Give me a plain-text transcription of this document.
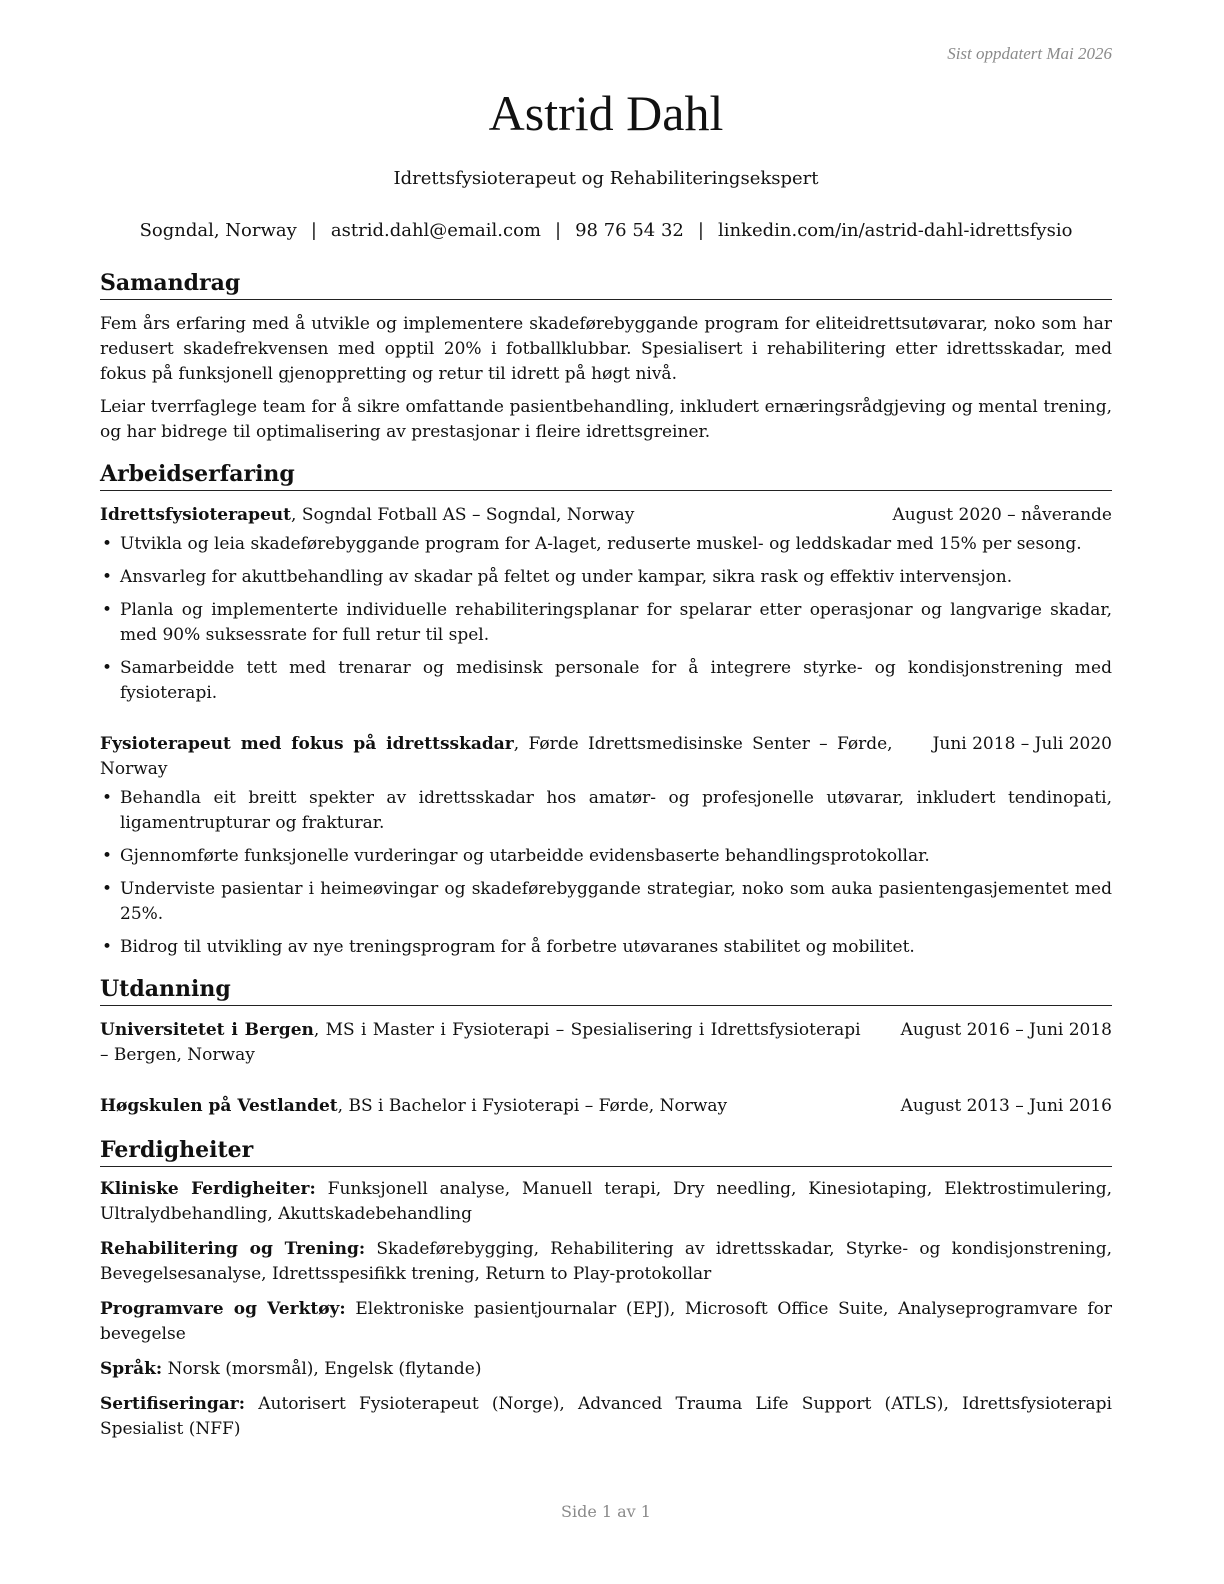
Sist oppdatert Mai 2026
Astrid Dahl
Idrettsfysioterapeut og Rehabiliteringsekspert
Sogndal, Norway | astrid.dahl@email.com | 98 76 54 32 | linkedin.com/in/astrid-dahl-idrettsfysio
Samandrag

Fem års erfaring med å utvikle og implementere skadeførebyggande program for eliteidrettsutøvarar, noko som har redusert skadefrekvensen med opptil 20% i fotballklubbar. Spesialisert i rehabilitering etter idrettsskadar, med fokus på funksjonell gjenoppretting og retur til idrett på høgt nivå.

Leiar tverrfaglege team for å sikre omfattande pasientbehandling, inkludert ernæringsrådgjeving og mental trening, og har bidrege til optimalisering av prestasjonar i fleire idrettsgreiner.

Arbeidserfaring
Idrettsfysioterapeut, Sogndal Fotball AS – Sogndal, Norway	August 2020 – nåverande
• Utvikla og leia skadeførebyggande program for A-laget, reduserte muskel- og leddskadar med 15% per sesong.
• Ansvarleg for akuttbehandling av skadar på feltet og under kampar, sikra rask og effektiv intervensjon.
• Planla og implementerte individuelle rehabiliteringsplanar for spelarar etter operasjonar og langvarige skadar, med 90% suksessrate for full retur til spel.
• Samarbeidde tett med trenarar og medisinsk personale for å integrere styrke- og kondisjonstrening med fysioterapi.
Fysioterapeut med fokus på idrettsskadar, Førde Idrettsmedisinske Senter – Førde, Norway
Juni 2018 – Juli 2020
• Behandla eit breitt spekter av idrettsskadar hos amatør- og profesjonelle utøvarar, inkludert tendinopati, ligamentrupturar og frakturar.
• Gjennomførte funksjonelle vurderingar og utarbeidde evidensbaserte behandlingsprotokollar.
• Underviste pasientar i heimeøvingar og skadeførebyggande strategiar, noko som auka pasientengasjementet med 25%.
• Bidrog til utvikling av nye treningsprogram for å forbetre utøvaranes stabilitet og mobilitet.
Utdanning
Universitetet i Bergen, MS i Master i Fysioterapi – Spesialisering i Idrettsfysioterapi – Bergen, Norway
August 2016 – Juni 2018
Høgskulen på Vestlandet, BS i Bachelor i Fysioterapi – Førde, Norway	August 2013 – Juni 2016
Ferdigheiter
Kliniske Ferdigheiter: Funksjonell analyse, Manuell terapi, Dry needling, Kinesiotaping, Elektrostimulering, Ultralydbehandling, Akuttskadebehandling
Rehabilitering og Trening: Skadeførebygging, Rehabilitering av idrettsskadar, Styrke- og kondisjonstrening, Bevegelsesanalyse, Idrettsspesifikk trening, Return to Play-protokollar
Programvare og Verktøy: Elektroniske pasientjournalar (EPJ), Microsoft Office Suite, Analyseprogramvare for bevegelse
Språk: Norsk (morsmål), Engelsk (flytande)
Sertifiseringar: Autorisert Fysioterapeut (Norge), Advanced Trauma Life Support (ATLS), Idrettsfysioterapi Spesialist (NFF)
Side 1 av 1
